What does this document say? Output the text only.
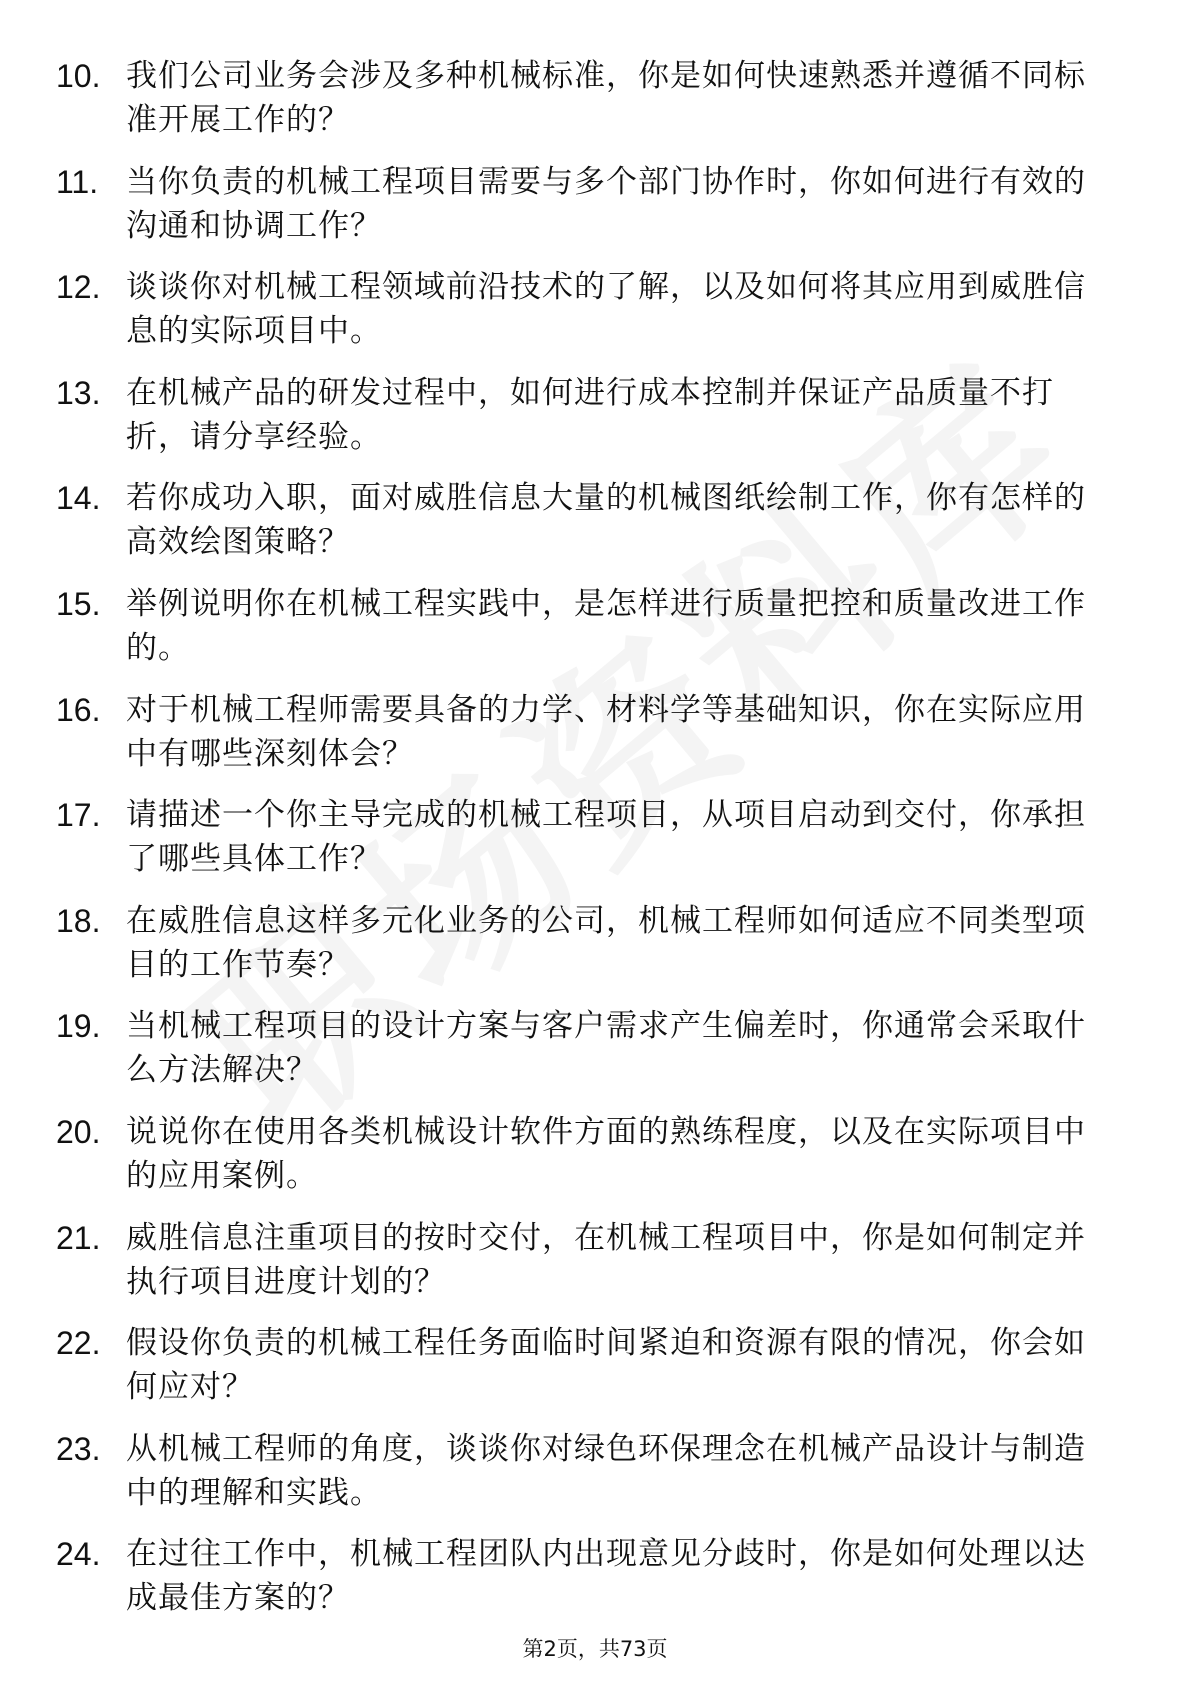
10. 我们公司业务会涉及多种机械标准，你是如何快速熟悉并遵循不同标准开展工作的？
11. 当你负责的机械工程项目需要与多个部门协作时，你如何进行有效的沟通和协调工作？
12. 谈谈你对机械工程领域前沿技术的了解，以及如何将其应用到威胜信息的实际项目中。
13. 在机械产品的研发过程中，如何进行成本控制并保证产品质量不打折，请分享经验。
14. 若你成功入职，面对威胜信息大量的机械图纸绘制工作，你有怎样的高效绘图策略？
15. 举例说明你在机械工程实践中，是怎样进行质量把控和质量改进工作的。
16. 对于机械工程师需要具备的力学、材料学等基础知识，你在实际应用中有哪些深刻体会？
17. 请描述一个你主导完成的机械工程项目，从项目启动到交付，你承担了哪些具体工作？
18. 在威胜信息这样多元化业务的公司，机械工程师如何适应不同类型项目的工作节奏？
19. 当机械工程项目的设计方案与客户需求产生偏差时，你通常会采取什么方法解决？
20. 说说你在使用各类机械设计软件方面的熟练程度，以及在实际项目中的应用案例。
21. 威胜信息注重项目的按时交付，在机械工程项目中，你是如何制定并执行项目进度计划的？
22. 假设你负责的机械工程任务面临时间紧迫和资源有限的情况，你会如何应对？
23. 从机械工程师的角度，谈谈你对绿色环保理念在机械产品设计与制造中的理解和实践。
24. 在过往工作中，机械工程团队内出现意见分歧时，你是如何处理以达成最佳方案的？
第2页，共73页
